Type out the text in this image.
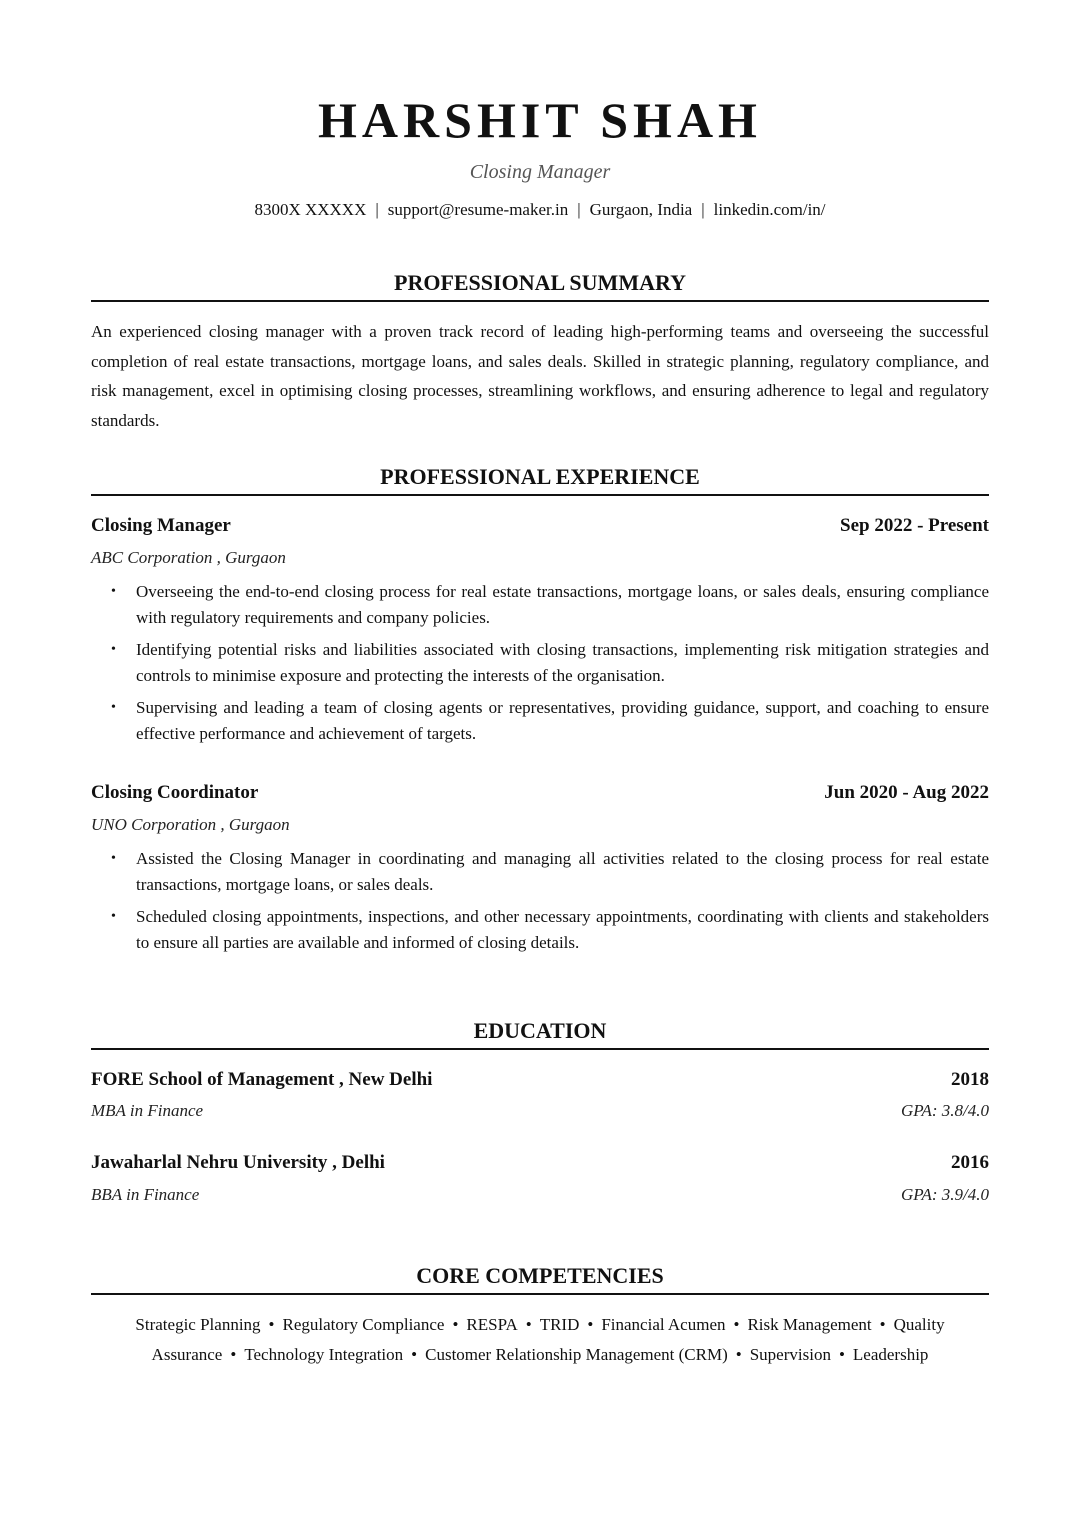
HARSHIT SHAH
Closing Manager
8300X XXXXX | support@resume-maker.in | Gurgaon, India | linkedin.com/in/
PROFESSIONAL SUMMARY

An experienced closing manager with a proven track record of leading high-performing teams and overseeing the successful completion of real estate transactions, mortgage loans, and sales deals. Skilled in strategic planning, regulatory compliance, and risk management, excel in optimising closing processes, streamlining workflows, and ensuring adherence to legal and regulatory standards.

PROFESSIONAL EXPERIENCE
Closing Manager	Sep 2022 - Present
ABC Corporation , Gurgaon
• Overseeing the end-to-end closing process for real estate transactions, mortgage loans, or sales deals, ensuring compliance with regulatory requirements and company policies.
• Identifying potential risks and liabilities associated with closing transactions, implementing risk mitigation strategies and controls to minimise exposure and protecting the interests of the organisation.
• Supervising and leading a team of closing agents or representatives, providing guidance, support, and coaching to ensure effective performance and achievement of targets.
Closing Coordinator	Jun 2020 - Aug 2022
UNO Corporation , Gurgaon
• Assisted the Closing Manager in coordinating and managing all activities related to the closing process for real estate transactions, mortgage loans, or sales deals.
• Scheduled closing appointments, inspections, and other necessary appointments, coordinating with clients and stakeholders to ensure all parties are available and informed of closing details.
EDUCATION
FORE School of Management , New Delhi	2018
MBA in Finance	GPA: 3.8/4.0
Jawaharlal Nehru University , Delhi	2016
BBA in Finance	GPA: 3.9/4.0
CORE COMPETENCIES
Strategic Planning • Regulatory Compliance • RESPA • TRID • Financial Acumen • Risk Management • Quality Assurance • Technology Integration • Customer Relationship Management (CRM) • Supervision • Leadership
